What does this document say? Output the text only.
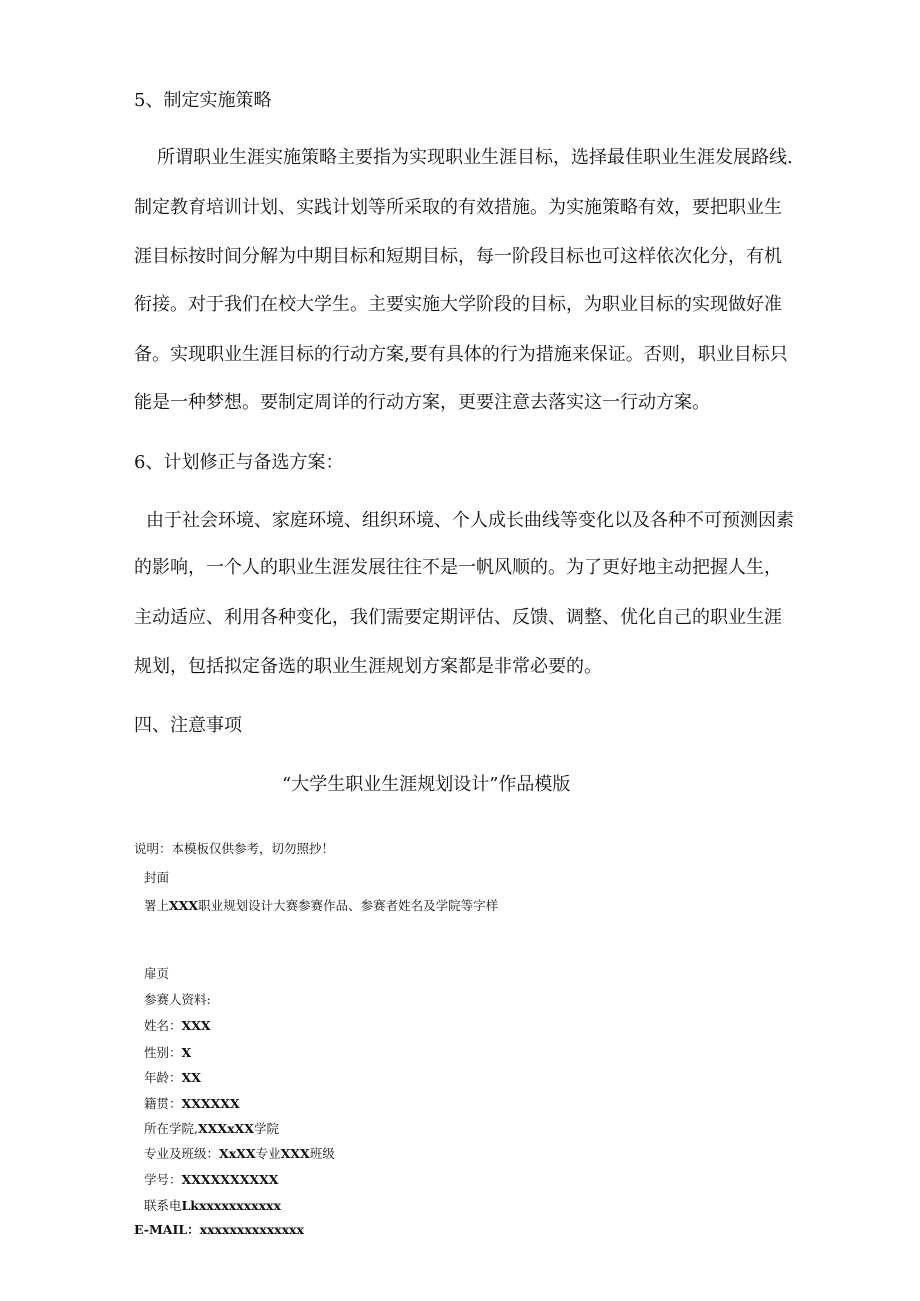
5、制定实施策略
所谓职业生涯实施策略主要指为实现职业生涯目标，选择最佳职业生涯发展路线.
制定教育培训计划、实践计划等所采取的有效措施。为实施策略有效，要把职业生
涯目标按时间分解为中期目标和短期目标，每一阶段目标也可这样依次化分，有机
衔接。对于我们在校大学生。主要实施大学阶段的目标，为职业目标的实现做好准
备。实现职业生涯目标的行动方案,要有具体的行为措施来保证。否则，职业目标只
能是一种梦想。要制定周详的行动方案，更要注意去落实这一行动方案。
6、计划修正与备选方案：
由于社会环境、家庭环境、组织环境、个人成长曲线等变化以及各种不可预测因素
的影响，一个人的职业生涯发展往往不是一帆风顺的。为了更好地主动把握人生，
主动适应、利用各种变化，我们需要定期评估、反馈、调整、优化自己的职业生涯
规划，包括拟定备选的职业生涯规划方案都是非常必要的。
四、注意事项
“大学生职业生涯规划设计”作品模版
说明：本模板仅供参考，切勿照抄！
封面
署上XXX职业规划设计大赛参赛作品、参赛者姓名及学院等字样
扉页
参赛人资料:
姓名：XXX
性别：X
年龄：XX
籍贯：XXXXXX
所在学院,XXXxXX学院
专业及班级：XxXX专业XXX班级
学号：XXXXXXXXXX
联系电Lkxxxxxxxxxxx
E-MAIL：xxxxxxxxxxxxxx
